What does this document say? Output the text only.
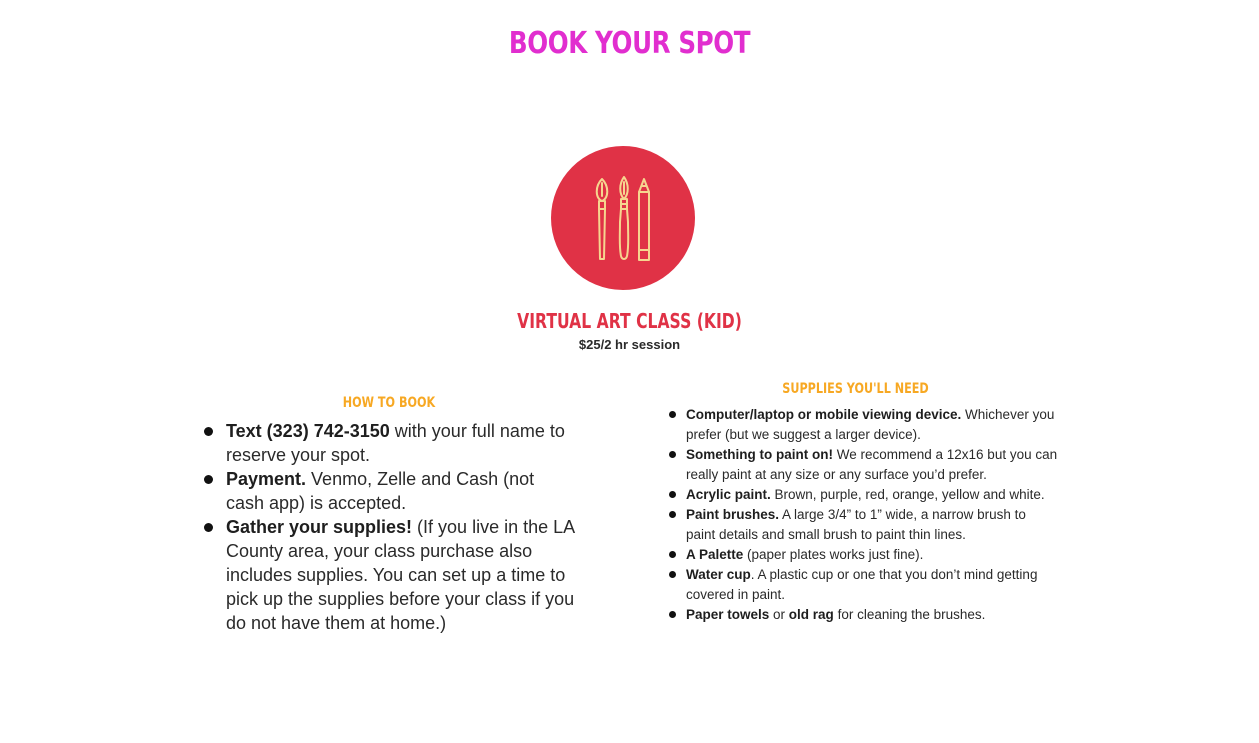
BOOK YOUR SPOT
VIRTUAL ART CLASS (KID)
$25/2 hr session
HOW TO BOOK
Text (323) 742-3150 with your full name to reserve your spot.
Payment. Venmo, Zelle and Cash (not cash app) is accepted.
Gather your supplies! (If you live in the LA County area, your class purchase also includes supplies. You can set up a time to pick up the supplies before your class if you do not have them at home.)
SUPPLIES YOU'LL NEED
Computer/laptop or mobile viewing device. Whichever you prefer (but we suggest a larger device).
Something to paint on! We recommend a 12x16 but you can really paint at any size or any surface you’d prefer.
Acrylic paint. Brown, purple, red, orange, yellow and white.
Paint brushes. A large 3/4” to 1” wide, a narrow brush to paint details and small brush to paint thin lines.
A Palette (paper plates works just fine).
Water cup. A plastic cup or one that you don’t mind getting covered in paint.
Paper towels or old rag for cleaning the brushes.
